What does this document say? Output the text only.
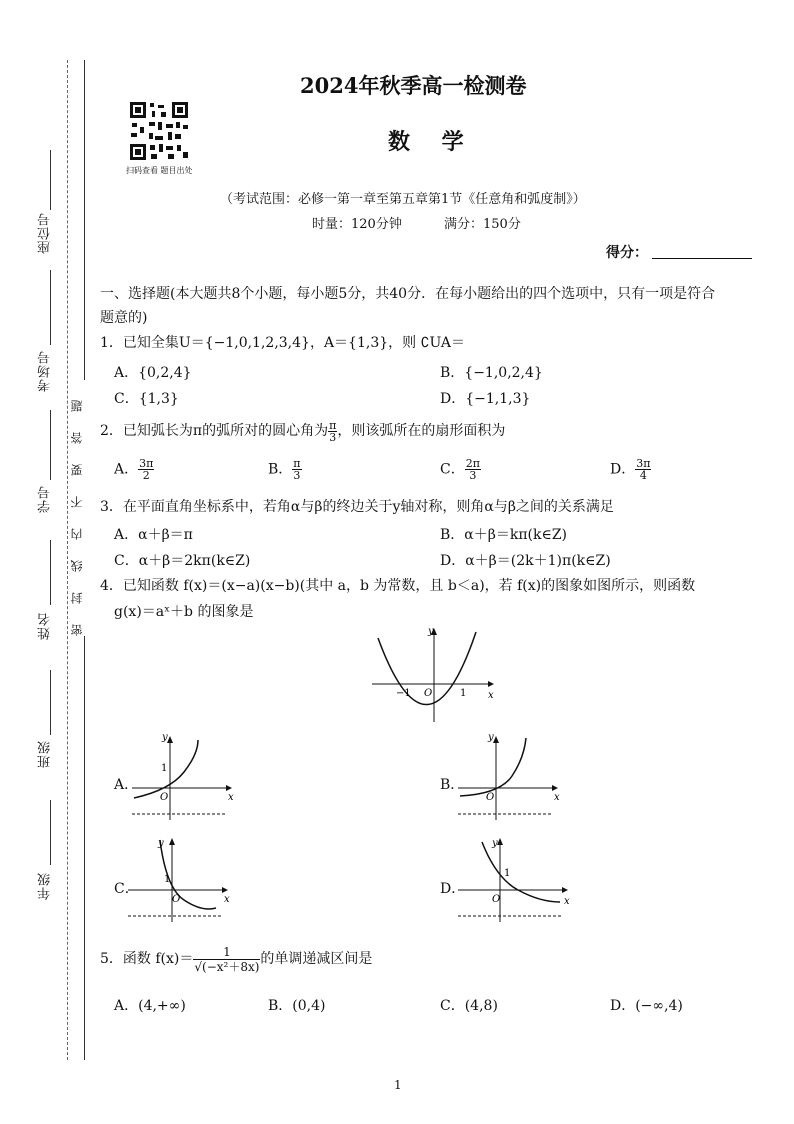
座位号
考场号
学号
姓名
班级
年级
密封线内不要答题
2024年秋季高一检测卷
数 学
扫码查看 题目出处
（考试范围：必修一第一章至第五章第1节《任意角和弧度制》）
时量：120分钟	满分：150分
得分：
一、选择题(本大题共8个小题，每小题5分，共40分．在每小题给出的四个选项中，只有一项是符合
题意的)
1．已知全集U＝{−1,0,1,2,3,4}，A＝{1,3}，则 ∁UA＝
A．{0,2,4}	B．{−1,0,2,4}
C．{1,3}	D．{−1,1,3}
2．已知弧长为π的弧所对的圆心角为 $\frac{\pi}{3}$ ，则该弧所在的扇形面积为
A． $\frac{3\pi}{2}$	B． $\frac{\pi}{3}$	C． $\frac{2\pi}{3}$	D． $\frac{3\pi}{4}$
3．在平面直角坐标系中，若角α与β的终边关于y轴对称，则角α与β之间的关系满足
A．α＋β＝π	B．α＋β＝kπ(k∈Z)
C．α＋β＝2kπ(k∈Z)	D．α＋β＝(2k＋1)π(k∈Z)
4．已知函数 f(x)＝(x−a)(x−b)(其中 a，b 为常数，且 b＜a)，若 f(x)的图象如图所示，则函数
g(x)＝aˣ＋b 的图象是
y
x
O
−1	1
A．
y
x
O
1
B．
y
x
O
C．
y
x
O
1
D．
y
x
O
1
5．函数 $f(x)= \frac{1}{\text{√(−x²＋8x)}}$ 的单调递减区间是
A．(4,+∞)	B．(0,4)	C．(4,8)	D．(−∞,4)
1
